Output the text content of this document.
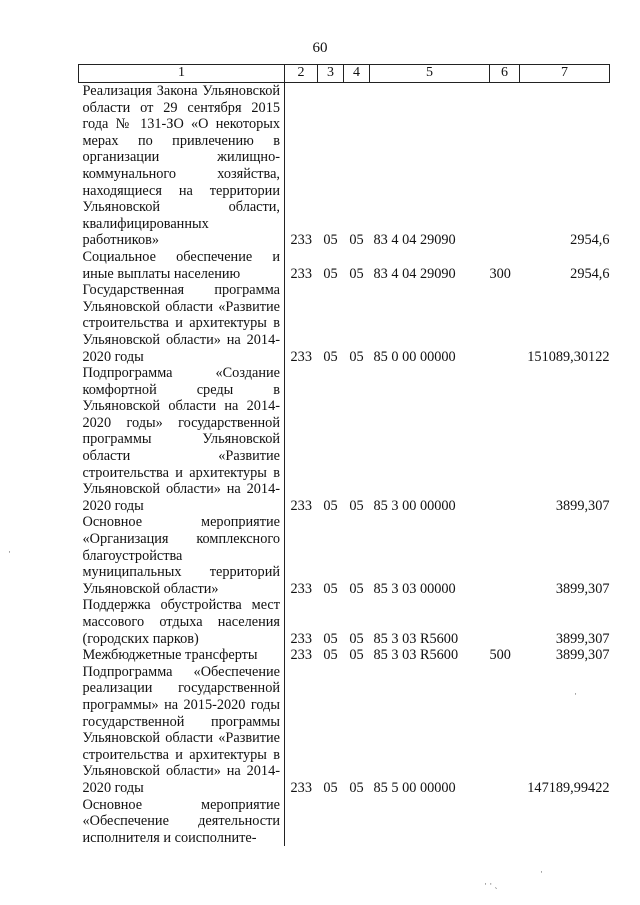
60
1	2	3	4	5	6	7
Реализация Закона Ульяновской области от 29 сентября 2015 года № 131-ЗО «О некоторых мерах по привлечению в организации жилищно-коммунального хозяйства, находящиеся на территории Ульяновской области, квалифицированных работников»	233	05	05	83 4 04 29090		2954,6
Социальное обеспечение и иные выплаты населению	233	05	05	83 4 04 29090	300	2954,6
Государственная программа Ульяновской области «Развитие строительства и архитектуры в Ульяновской области» на 2014-2020 годы	233	05	05	85 0 00 00000		151089,30122
Подпрограмма «Создание комфортной среды в Ульяновской области на 2014-2020 годы» государственной программы Ульяновской области «Развитие строительства и архитектуры в Ульяновской области» на 2014-2020 годы	233	05	05	85 3 00 00000		3899,307
Основное мероприятие «Организация комплексного благоустройства муниципальных территорий Ульяновской области»	233	05	05	85 3 03 00000		3899,307
Поддержка обустройства мест массового отдыха населения (городских парков)	233	05	05	85 3 03 R5600		3899,307
Межбюджетные трансферты	233	05	05	85 3 03 R5600	500	3899,307
Подпрограмма «Обеспечение реализации государственной программы» на 2015-2020 годы государственной программы Ульяновской области «Развитие строительства и архитектуры в Ульяновской области» на 2014-2020 годы	233	05	05	85 5 00 00000		147189,99422
Основное мероприятие «Обеспечение деятельности исполнителя и соисполните-						
·
·
·
· · ˎ
